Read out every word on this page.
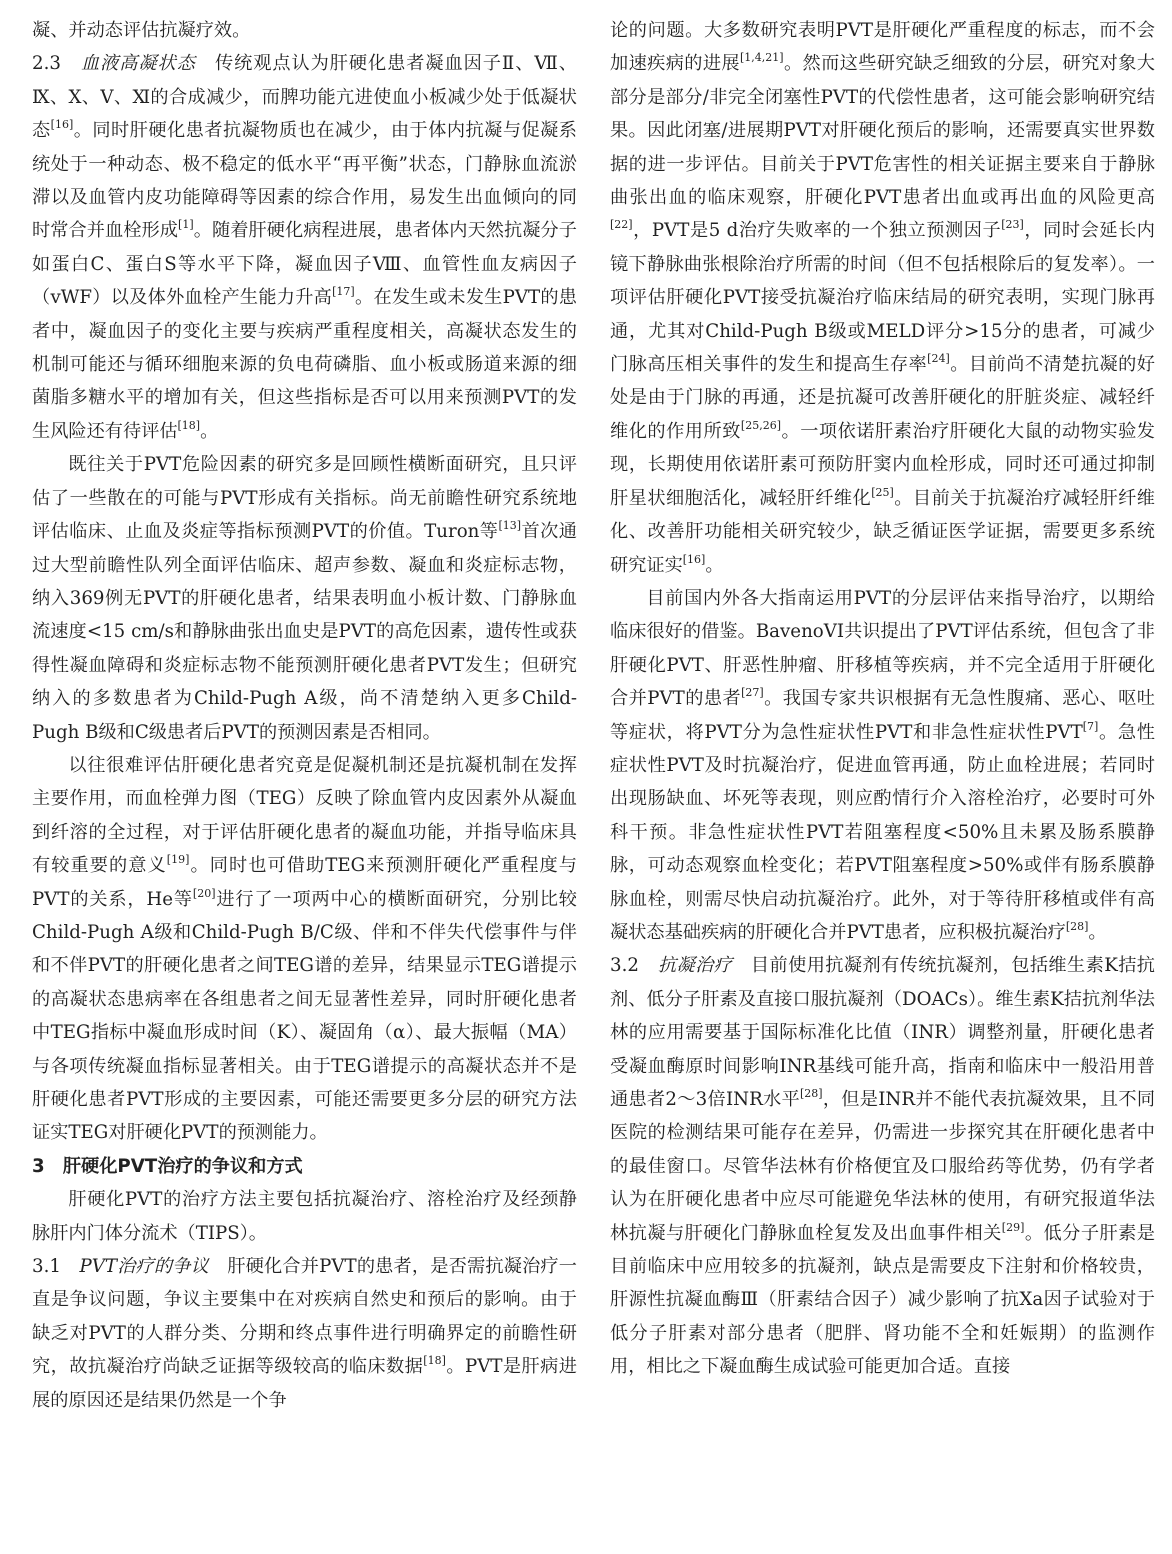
凝、并动态评估抗凝疗效。

2.3　血液高凝状态　传统观点认为肝硬化患者凝血因子Ⅱ、Ⅶ、Ⅸ、Ⅹ、Ⅴ、Ⅺ的合成减少，而脾功能亢进使血小板减少处于低凝状态[16]。同时肝硬化患者抗凝物质也在减少，由于体内抗凝与促凝系统处于一种动态、极不稳定的低水平“再平衡”状态，门静脉血流淤滞以及血管内皮功能障碍等因素的综合作用，易发生出血倾向的同时常合并血栓形成[1]。随着肝硬化病程进展，患者体内天然抗凝分子如蛋白C、蛋白S等水平下降，凝血因子Ⅷ、血管性血友病因子（vWF）以及体外血栓产生能力升高[17]。在发生或未发生PVT的患者中，凝血因子的变化主要与疾病严重程度相关，高凝状态发生的机制可能还与循环细胞来源的负电荷磷脂、血小板或肠道来源的细菌脂多糖水平的增加有关，但这些指标是否可以用来预测PVT的发生风险还有待评估[18]。

既往关于PVT危险因素的研究多是回顾性横断面研究，且只评估了一些散在的可能与PVT形成有关指标。尚无前瞻性研究系统地评估临床、止血及炎症等指标预测PVT的价值。Turon等[13]首次通过大型前瞻性队列全面评估临床、超声参数、凝血和炎症标志物，纳入369例无PVT的肝硬化患者，结果表明血小板计数、门静脉血流速度<15 cm/s和静脉曲张出血史是PVT的高危因素，遗传性或获得性凝血障碍和炎症标志物不能预测肝硬化患者PVT发生；但研究纳入的多数患者为Child-Pugh A级，尚不清楚纳入更多Child-Pugh B级和C级患者后PVT的预测因素是否相同。

以往很难评估肝硬化患者究竟是促凝机制还是抗凝机制在发挥主要作用，而血栓弹力图（TEG）反映了除血管内皮因素外从凝血到纤溶的全过程，对于评估肝硬化患者的凝血功能，并指导临床具有较重要的意义[19]。同时也可借助TEG来预测肝硬化严重程度与PVT的关系，He等[20]进行了一项两中心的横断面研究，分别比较Child-Pugh A级和Child-Pugh B/C级、伴和不伴失代偿事件与伴和不伴PVT的肝硬化患者之间TEG谱的差异，结果显示TEG谱提示的高凝状态患病率在各组患者之间无显著性差异，同时肝硬化患者中TEG指标中凝血形成时间（K）、凝固角（α）、最大振幅（MA）与各项传统凝血指标显著相关。由于TEG谱提示的高凝状态并不是肝硬化患者PVT形成的主要因素，可能还需要更多分层的研究方法证实TEG对肝硬化PVT的预测能力。

3　肝硬化PVT治疗的争议和方式

肝硬化PVT的治疗方法主要包括抗凝治疗、溶栓治疗及经颈静脉肝内门体分流术（TIPS）。

3.1　PVT治疗的争议　肝硬化合并PVT的患者，是否需抗凝治疗一直是争议问题，争议主要集中在对疾病自然史和预后的影响。由于缺乏对PVT的人群分类、分期和终点事件进行明确界定的前瞻性研究，故抗凝治疗尚缺乏证据等级较高的临床数据[18]。PVT是肝病进展的原因还是结果仍然是一个争

论的问题。大多数研究表明PVT是肝硬化严重程度的标志，而不会加速疾病的进展[1,4,21]。然而这些研究缺乏细致的分层，研究对象大部分是部分/非完全闭塞性PVT的代偿性患者，这可能会影响研究结果。因此闭塞/进展期PVT对肝硬化预后的影响，还需要真实世界数据的进一步评估。目前关于PVT危害性的相关证据主要来自于静脉曲张出血的临床观察，肝硬化PVT患者出血或再出血的风险更高[22]，PVT是5 d治疗失败率的一个独立预测因子[23]，同时会延长内镜下静脉曲张根除治疗所需的时间（但不包括根除后的复发率）。一项评估肝硬化PVT接受抗凝治疗临床结局的研究表明，实现门脉再通，尤其对Child-Pugh B级或MELD评分>15分的患者，可减少门脉高压相关事件的发生和提高生存率[24]。目前尚不清楚抗凝的好处是由于门脉的再通，还是抗凝可改善肝硬化的肝脏炎症、减轻纤维化的作用所致[25,26]。一项依诺肝素治疗肝硬化大鼠的动物实验发现，长期使用依诺肝素可预防肝窦内血栓形成，同时还可通过抑制肝星状细胞活化，减轻肝纤维化[25]。目前关于抗凝治疗减轻肝纤维化、改善肝功能相关研究较少，缺乏循证医学证据，需要更多系统研究证实[16]。

目前国内外各大指南运用PVT的分层评估来指导治疗，以期给临床很好的借鉴。BavenoVI共识提出了PVT评估系统，但包含了非肝硬化PVT、肝恶性肿瘤、肝移植等疾病，并不完全适用于肝硬化合并PVT的患者[27]。我国专家共识根据有无急性腹痛、恶心、呕吐等症状，将PVT分为急性症状性PVT和非急性症状性PVT[7]。急性症状性PVT及时抗凝治疗，促进血管再通，防止血栓进展；若同时出现肠缺血、坏死等表现，则应酌情行介入溶栓治疗，必要时可外科干预。非急性症状性PVT若阻塞程度<50%且未累及肠系膜静脉，可动态观察血栓变化；若PVT阻塞程度>50%或伴有肠系膜静脉血栓，则需尽快启动抗凝治疗。此外，对于等待肝移植或伴有高凝状态基础疾病的肝硬化合并PVT患者，应积极抗凝治疗[28]。

3.2　抗凝治疗　目前使用抗凝剂有传统抗凝剂，包括维生素K拮抗剂、低分子肝素及直接口服抗凝剂（DOACs）。维生素K拮抗剂华法林的应用需要基于国际标准化比值（INR）调整剂量，肝硬化患者受凝血酶原时间影响INR基线可能升高，指南和临床中一般沿用普通患者2～3倍INR水平[28]，但是INR并不能代表抗凝效果，且不同医院的检测结果可能存在差异，仍需进一步探究其在肝硬化患者中的最佳窗口。尽管华法林有价格便宜及口服给药等优势，仍有学者认为在肝硬化患者中应尽可能避免华法林的使用，有研究报道华法林抗凝与肝硬化门静脉血栓复发及出血事件相关[29]。低分子肝素是目前临床中应用较多的抗凝剂，缺点是需要皮下注射和价格较贵，肝源性抗凝血酶Ⅲ（肝素结合因子）减少影响了抗Xa因子试验对于低分子肝素对部分患者（肥胖、肾功能不全和妊娠期）的监测作用，相比之下凝血酶生成试验可能更加合适。直接
